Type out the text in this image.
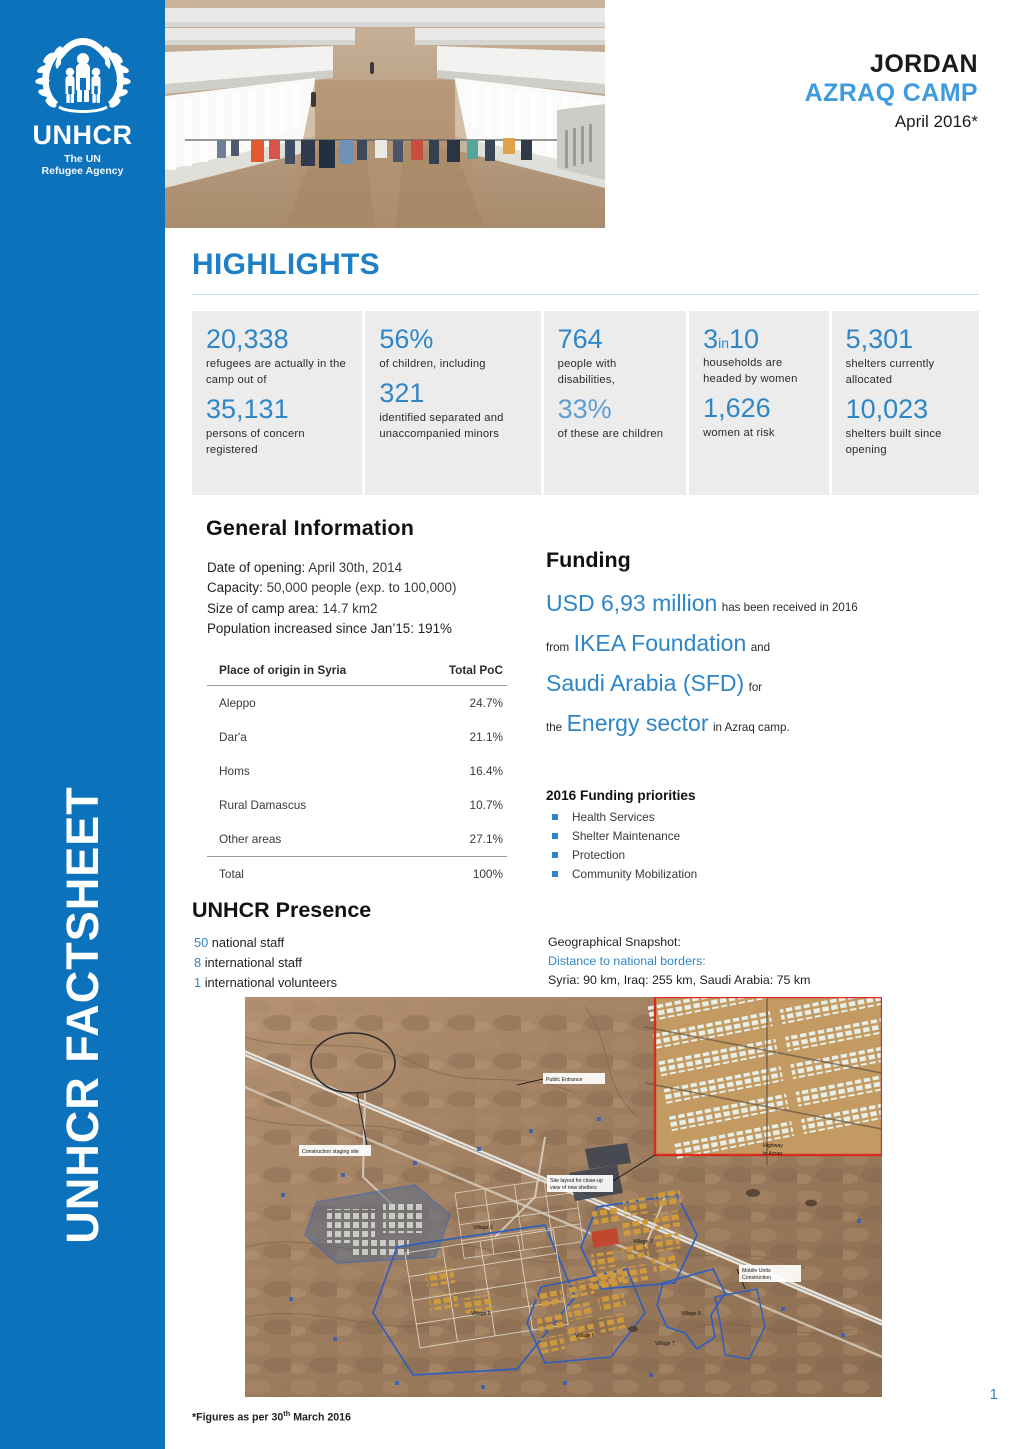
UNHCR FACTSHEET
UNHCR
The UN
Refugee Agency
JORDAN
AZRAQ CAMP
April 2016*
HIGHLIGHTS
20,338
refugees are actually in the camp out of
35,131
persons of concern registered
56%
of children, including
321
identified separated and unaccompanied minors
764
people with disabilities,
33%
of these are children
3in10
households are headed by women
1,626
women at risk
5,301
shelters currently allocated
10,023
shelters built since opening
General Information
Date of opening: April 30th, 2014
Capacity: 50,000 people (exp. to 100,000)
Size of camp area: 14.7 km2
Population increased since Jan’15: 191%
Place of origin in Syria	Total PoC
Aleppo	24.7%
Dar'a	21.1%
Homs	16.4%
Rural Damascus	10.7%
Other areas	27.1%
Total	100%
Funding
USD 6,93 million has been received in 2016
from IKEA Foundation and
Saudi Arabia (SFD) for
the Energy sector in Azraq camp.
2016 Funding priorities
Health Services
Shelter Maintenance
Protection
Community Mobilization
UNHCR Presence
50 national staff
8 international staff
1 international volunteers
Geographical Snapshot:
Distance to national borders:
Syria: 90 km, Iraq: 255 km, Saudi Arabia: 75 km
Public Entrance
Construction staging site
Site layout for close-up
view of new shelters
Highway
to Azraq
Mobile Units
Construction
Village 2
Village 3
Village 5
Village 6
Village 9
Village 7
*Figures as per 30th March 2016
1
